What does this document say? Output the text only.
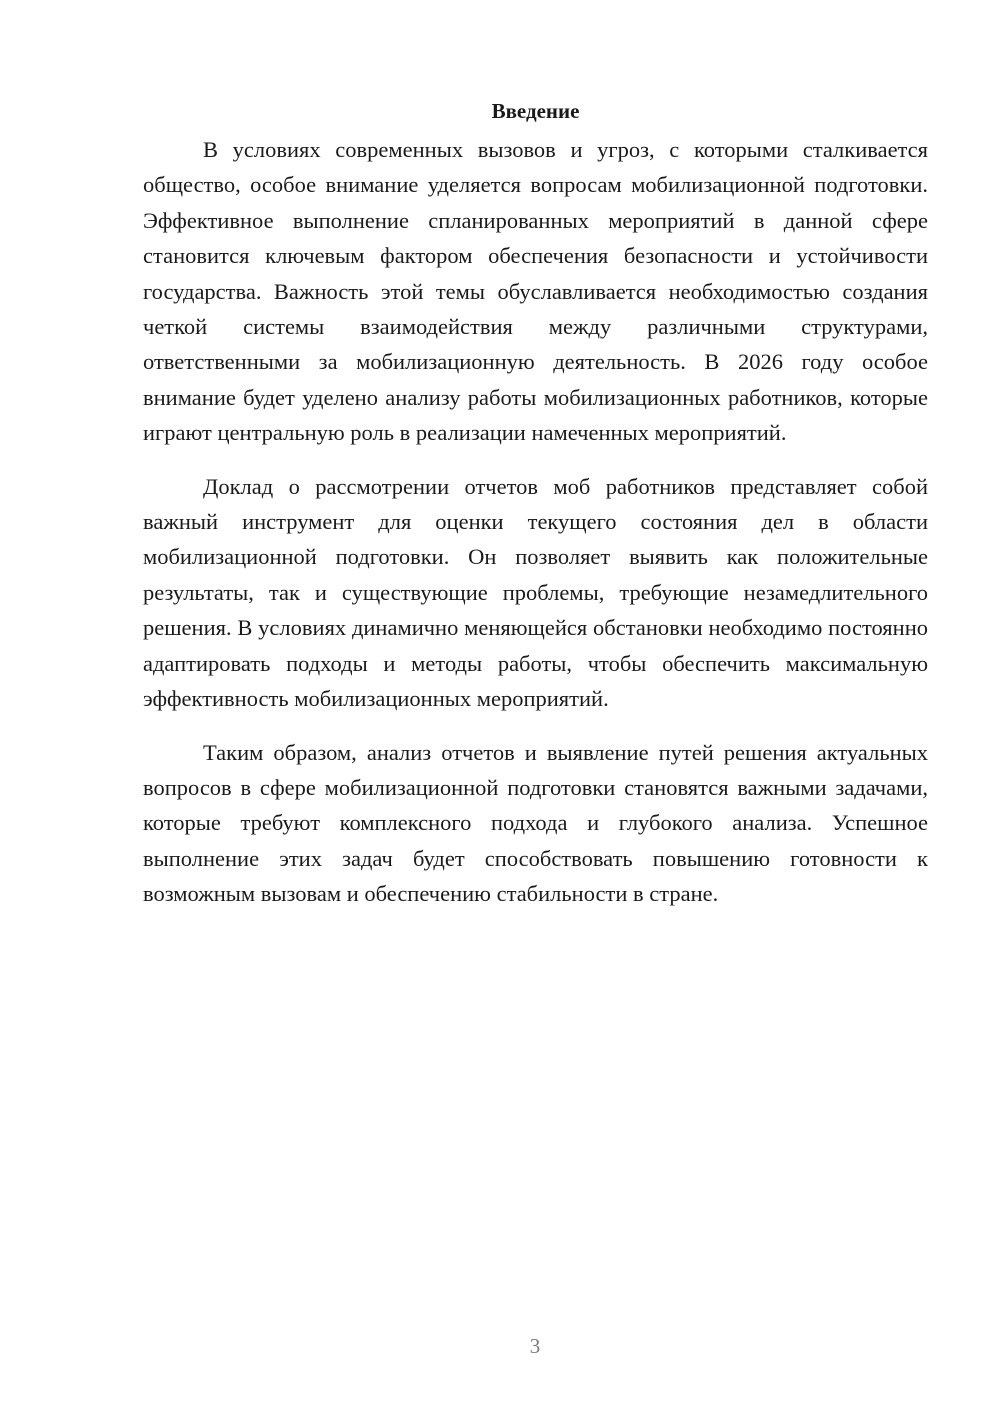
Введение

В условиях современных вызовов и угроз, с которыми сталкивается общество, особое внимание уделяется вопросам мобилизационной подготовки. Эффективное выполнение спланированных мероприятий в данной сфере становится ключевым фактором обеспечения безопасности и устойчивости государства. Важность этой темы обуславливается необходимостью создания четкой системы взаимодействия между различными структурами, ответственными за мобилизационную деятельность. В 2026 году особое внимание будет уделено анализу работы мобилизационных работников, которые играют центральную роль в реализации намеченных мероприятий.

Доклад о рассмотрении отчетов моб работников представляет собой важный инструмент для оценки текущего состояния дел в области мобилизационной подготовки. Он позволяет выявить как положительные результаты, так и существующие проблемы, требующие незамедлительного решения. В условиях динамично меняющейся обстановки необходимо постоянно адаптировать подходы и методы работы, чтобы обеспечить максимальную эффективность мобилизационных мероприятий.

Таким образом, анализ отчетов и выявление путей решения актуальных вопросов в сфере мобилизационной подготовки становятся важными задачами, которые требуют комплексного подхода и глубокого анализа. Успешное выполнение этих задач будет способствовать повышению готовности к возможным вызовам и обеспечению стабильности в стране.

3
